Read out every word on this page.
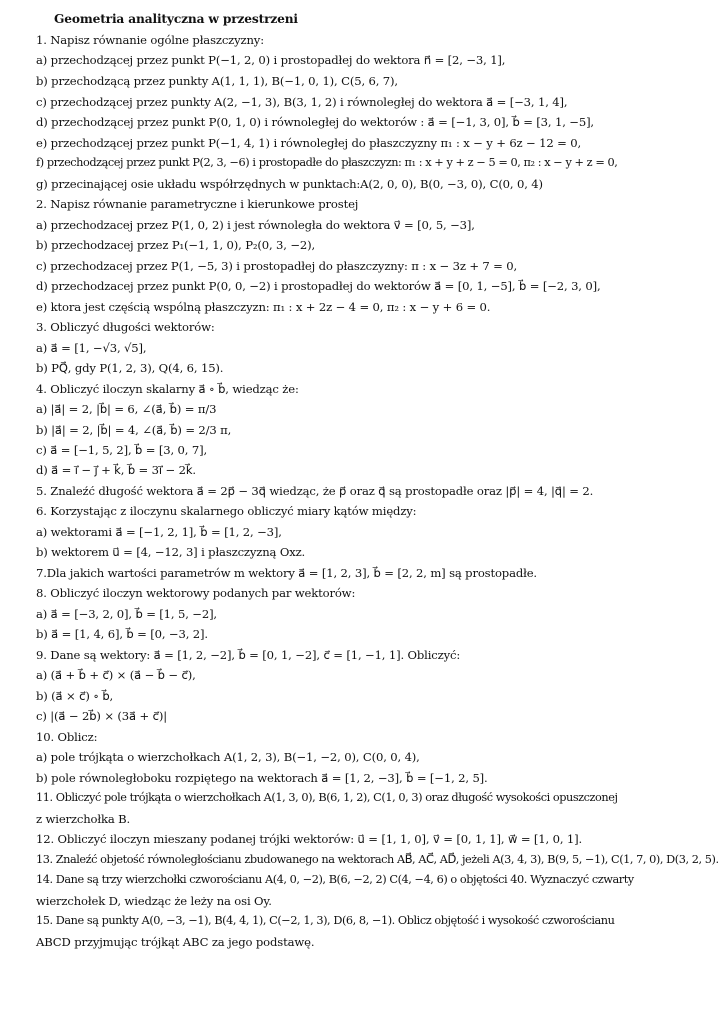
Geometria analityczna w przestrzeni
1. Napisz równanie ogólne płaszczyzny:
a) przechodzącej przez punkt P(−1, 2, 0) i prostopadłej do wektora n⃗ = [2, −3, 1],
b) przechodzącą przez punkty A(1, 1, 1), B(−1, 0, 1), C(5, 6, 7),
c) przechodzącej przez punkty A(2, −1, 3), B(3, 1, 2) i równoległej do wektora a⃗ = [−3, 1, 4],
d) przechodzącej przez punkt P(0, 1, 0) i równoległej do wektorów : a⃗ = [−1, 3, 0], b⃗ = [3, 1, −5],
e) przechodzącej przez punkt P(−1, 4, 1) i równoległej do płaszczyzny π₁ : x − y + 6z − 12 = 0,
f) przechodzącej przez punkt P(2, 3, −6) i prostopadłe do płaszczyzn: π₁ : x + y + z − 5 = 0, π₂ : x − y + z = 0,
g) przecinającej osie układu współrzędnych w punktach:A(2, 0, 0), B(0, −3, 0), C(0, 0, 4)
2. Napisz równanie parametryczne i kierunkowe prostej
a) przechodzacej przez P(1, 0, 2) i jest równoległa do wektora v⃗ = [0, 5, −3],
b) przechodzacej przez P₁(−1, 1, 0), P₂(0, 3, −2),
c) przechodzacej przez P(1, −5, 3) i prostopadłej do płaszczyzny: π : x − 3z + 7 = 0,
d) przechodzacej przez punkt P(0, 0, −2) i prostopadłej do wektorów a⃗ = [0, 1, −5], b⃗ = [−2, 3, 0],
e) ktora jest częścią wspólną płaszczyzn: π₁ : x + 2z − 4 = 0, π₂ : x − y + 6 = 0.
3. Obliczyć długości wektorów:
a) a⃗ = [1, −√3, √5],
b) PQ⃗, gdy P(1, 2, 3), Q(4, 6, 15).
4. Obliczyć iloczyn skalarny a⃗ ∘ b⃗, wiedząc że:
a) |a⃗| = 2, |b⃗| = 6, ∠(a⃗, b⃗) = π/3
b) |a⃗| = 2, |b⃗| = 4, ∠(a⃗, b⃗) = 2/3 π,
c) a⃗ = [−1, 5, 2], b⃗ = [3, 0, 7],
d) a⃗ = i⃗ − j⃗ + k⃗, b⃗ = 3i⃗ − 2k⃗.
5. Znaleźć długość wektora a⃗ = 2p⃗ − 3q⃗ wiedząc, że p⃗ oraz q⃗ są prostopadłe oraz |p⃗| = 4, |q⃗| = 2.
6. Korzystając z iloczynu skalarnego obliczyć miary kątów między:
a) wektorami a⃗ = [−1, 2, 1], b⃗ = [1, 2, −3],
b) wektorem u⃗ = [4, −12, 3] i płaszczyzną Oxz.
7.Dla jakich wartości parametrów m wektory a⃗ = [1, 2, 3], b⃗ = [2, 2, m] są prostopadłe.
8. Obliczyć iloczyn wektorowy podanych par wektorów:
a) a⃗ = [−3, 2, 0], b⃗ = [1, 5, −2],
b) a⃗ = [1, 4, 6], b⃗ = [0, −3, 2].
9. Dane są wektory: a⃗ = [1, 2, −2], b⃗ = [0, 1, −2], c⃗ = [1, −1, 1]. Obliczyć:
a) (a⃗ + b⃗ + c⃗) × (a⃗ − b⃗ − c⃗),
b) (a⃗ × c⃗) ∘ b⃗,
c) |(a⃗ − 2b⃗) × (3a⃗ + c⃗)|
10. Oblicz:
a) pole trójkąta o wierzchołkach A(1, 2, 3), B(−1, −2, 0), C(0, 0, 4),
b) pole równoległoboku rozpiętego na wektorach a⃗ = [1, 2, −3], b⃗ = [−1, 2, 5].
11. Obliczyć pole trójkąta o wierzchołkach A(1, 3, 0), B(6, 1, 2), C(1, 0, 3) oraz długość wysokości opuszczonej
z wierzchołka B.
12. Obliczyć iloczyn mieszany podanej trójki wektorów: u⃗ = [1, 1, 0], v⃗ = [0, 1, 1], w⃗ = [1, 0, 1].
13. Znaleźć objetość równoległościanu zbudowanego na wektorach AB⃗, AC⃗, AD⃗, jeżeli A(3, 4, 3), B(9, 5, −1), C(1, 7, 0), D(3, 2, 5).
14. Dane są trzy wierzchołki czworościanu A(4, 0, −2), B(6, −2, 2) C(4, −4, 6) o objętości 40. Wyznaczyć czwarty
wierzchołek D, wiedząc że leży na osi Oy.
15. Dane są punkty A(0, −3, −1), B(4, 4, 1), C(−2, 1, 3), D(6, 8, −1). Oblicz objętość i wysokość czworościanu
ABCD przyjmując trójkąt ABC za jego podstawę.
